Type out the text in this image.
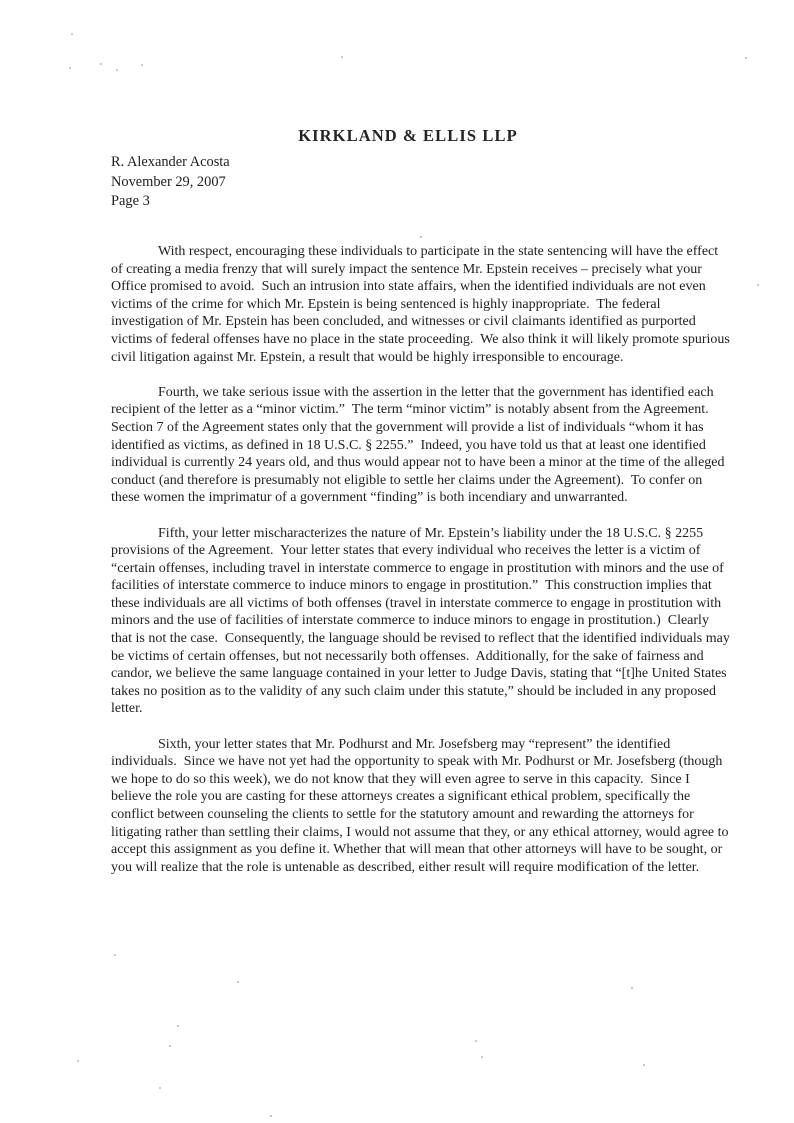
KIRKLAND & ELLIS LLP
R. Alexander Acosta
November 29, 2007
Page 3

With respect, encouraging these individuals to participate in the state sentencing will have the effect of creating a media frenzy that will surely impact the sentence Mr. Epstein receives – precisely what your Office promised to avoid.  Such an intrusion into state affairs, when the identified individuals are not even victims of the crime for which Mr. Epstein is being sentenced is highly inappropriate.  The federal investigation of Mr. Epstein has been concluded, and witnesses or civil claimants identified as purported victims of federal offenses have no place in the state proceeding.  We also think it will likely promote spurious civil litigation against Mr. Epstein, a result that would be highly irresponsible to encourage.

Fourth, we take serious issue with the assertion in the letter that the government has identified each recipient of the letter as a “minor victim.”  The term “minor victim” is notably absent from the Agreement.  Section 7 of the Agreement states only that the government will provide a list of individuals “whom it has identified as victims, as defined in 18 U.S.C. § 2255.”  Indeed, you have told us that at least one identified individual is currently 24 years old, and thus would appear not to have been a minor at the time of the alleged conduct (and therefore is presumably not eligible to settle her claims under the Agreement).  To confer on these women the imprimatur of a government “finding” is both incendiary and unwarranted.

Fifth, your letter mischaracterizes the nature of Mr. Epstein’s liability under the 18 U.S.C. § 2255 provisions of the Agreement.  Your letter states that every individual who receives the letter is a victim of “certain offenses, including travel in interstate commerce to engage in prostitution with minors and the use of facilities of interstate commerce to induce minors to engage in prostitution.”  This construction implies that these individuals are all victims of both offenses (travel in interstate commerce to engage in prostitution with minors and the use of facilities of interstate commerce to induce minors to engage in prostitution.)  Clearly that is not the case.  Consequently, the language should be revised to reflect that the identified individuals may be victims of certain offenses, but not necessarily both offenses.  Additionally, for the sake of fairness and candor, we believe the same language contained in your letter to Judge Davis, stating that “[t]he United States takes no position as to the validity of any such claim under this statute,” should be included in any proposed letter.

Sixth, your letter states that Mr. Podhurst and Mr. Josefsberg may “represent” the identified individuals.  Since we have not yet had the opportunity to speak with Mr. Podhurst or Mr. Josefsberg (though we hope to do so this week), we do not know that they will even agree to serve in this capacity.  Since I believe the role you are casting for these attorneys creates a significant ethical problem, specifically the conflict between counseling the clients to settle for the statutory amount and rewarding the attorneys for litigating rather than settling their claims, I would not assume that they, or any ethical attorney, would agree to accept this assignment as you define it. Whether that will mean that other attorneys will have to be sought, or you will realize that the role is untenable as described, either result will require modification of the letter.
